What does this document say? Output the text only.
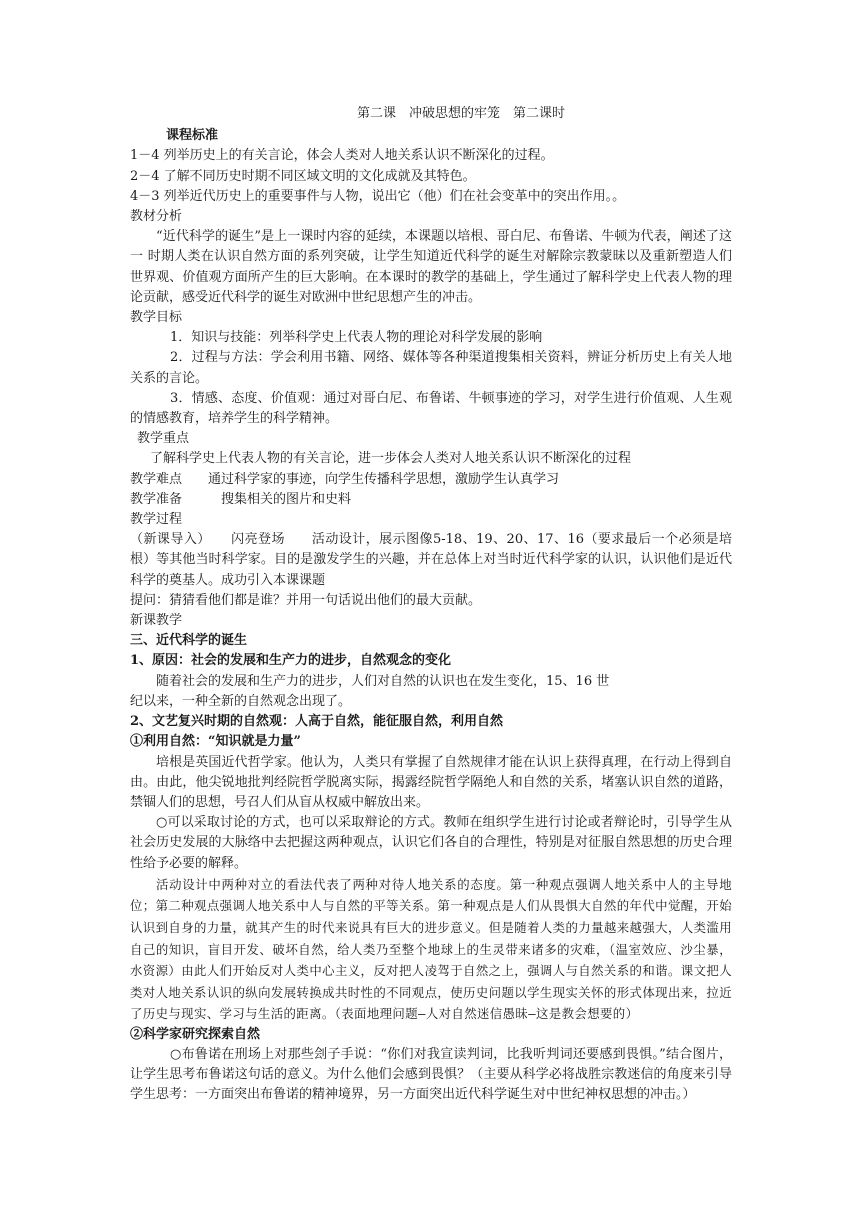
第二课　冲破思想的牢笼　第二课时
课程标准
1－4 列举历史上的有关言论，体会人类对人地关系认识不断深化的过程。
2－4 了解不同历史时期不同区域文明的文化成就及其特色。
4－3 列举近代历史上的重要事件与人物，说出它（他）们在社会变革中的突出作用。。
教材分析
“近代科学的诞生”是上一课时内容的延续，本课题以培根、哥白尼、布鲁诺、牛顿为代表，阐述了这一 时期人类在认识自然方面的系列突破，让学生知道近代科学的诞生对解除宗教蒙昧以及重新塑造人们世界观、价值观方面所产生的巨大影响。在本课时的教学的基础上，学生通过了解科学史上代表人物的理论贡献，感受近代科学的诞生对欧洲中世纪思想产生的冲击。
教学目标
1．知识与技能：列举科学史上代表人物的理论对科学发展的影响
2．过程与方法：学会利用书籍、网络、媒体等各种渠道搜集相关资料，辨证分析历史上有关人地关系的言论。
3．情感、态度、价值观：通过对哥白尼、布鲁诺、牛顿事迹的学习，对学生进行价值观、人生观的情感教育，培养学生的科学精神。
教学重点
了解科学史上代表人物的有关言论，进一步体会人类对人地关系认识不断深化的过程
教学难点　　通过科学家的事迹，向学生传播科学思想，激励学生认真学习
教学准备　　　搜集相关的图片和史料
教学过程
（新课导入）　　闪亮登场　　活动设计，展示图像5-18、19、20、17、16（要求最后一个必须是培根）等其他当时科学家。目的是激发学生的兴趣，并在总体上对当时近代科学家的认识，认识他们是近代科学的奠基人。成功引入本课课题
提问：猜猜看他们都是谁？并用一句话说出他们的最大贡献。
新课教学
三、近代科学的诞生
1、原因：社会的发展和生产力的进步，自然观念的变化
随着社会的发展和生产力的进步，人们对自然的认识也在发生变化，15、16 世
纪以来，一种全新的自然观念出现了。
2、文艺复兴时期的自然观：人高于自然，能征服自然，利用自然
①利用自然：“知识就是力量”
培根是英国近代哲学家。他认为，人类只有掌握了自然规律才能在认识上获得真理，在行动上得到自由。由此，他尖锐地批判经院哲学脱离实际，揭露经院哲学隔绝人和自然的关系，堵塞认识自然的道路，禁锢人们的思想，号召人们从盲从权威中解放出来。
○可以采取讨论的方式，也可以采取辩论的方式。教师在组织学生进行讨论或者辩论时，引导学生从社会历史发展的大脉络中去把握这两种观点，认识它们各自的合理性，特别是对征服自然思想的历史合理性给予必要的解释。
活动设计中两种对立的看法代表了两种对待人地关系的态度。第一种观点强调人地关系中人的主导地位；第二种观点强调人地关系中人与自然的平等关系。第一种观点是人们从畏惧大自然的年代中觉醒，开始认识到自身的力量，就其产生的时代来说具有巨大的进步意义。但是随着人类的力量越来越强大，人类滥用自己的知识，盲目开发、破坏自然，给人类乃至整个地球上的生灵带来诸多的灾难，（温室效应、沙尘暴，水资源）由此人们开始反对人类中心主义，反对把人凌驾于自然之上，强调人与自然关系的和谐。课文把人类对人地关系认识的纵向发展转换成共时性的不同观点，使历史问题以学生现实关怀的形式体现出来，拉近了历史与现实、学习与生活的距离。（表面地理问题—人对自然迷信愚昧—这是教会想要的）
②科学家研究探索自然
○布鲁诺在刑场上对那些刽子手说：“你们对我宣读判词，比我听判词还要感到畏惧。”结合图片，让学生思考布鲁诺这句话的意义。为什么他们会感到畏惧？（主要从科学必将战胜宗教迷信的角度来引导学生思考：一方面突出布鲁诺的精神境界，另一方面突出近代科学诞生对中世纪神权思想的冲击。）
